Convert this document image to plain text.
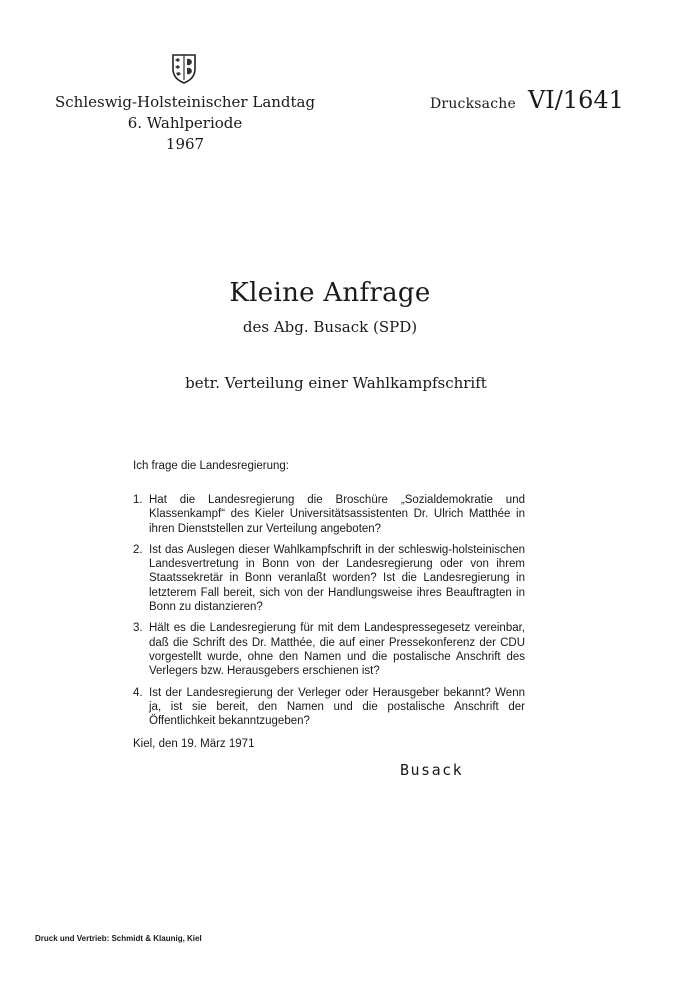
Schleswig-Holsteinischer Landtag
6. Wahlperiode
1967
Drucksache VI/1641
Kleine Anfrage
des Abg. Busack (SPD)
betr. Verteilung einer Wahlkampfschrift
Ich frage die Landesregierung:
1. Hat die Landesregierung die Broschüre „Sozialdemokratie und Klassenkampf“ des Kieler Universitätsassistenten Dr. Ulrich Matthée in ihren Dienststellen zur Verteilung angeboten?
2. Ist das Auslegen dieser Wahlkampfschrift in der schleswig-holsteinischen Landesvertretung in Bonn von der Landesregierung oder von ihrem Staatssekretär in Bonn veranlaßt worden? Ist die Landesregierung in letzterem Fall bereit, sich von der Handlungsweise ihres Beauftragten in Bonn zu distanzieren?
3. Hält es die Landesregierung für mit dem Landespressegesetz vereinbar, daß die Schrift des Dr. Matthée, die auf einer Pressekonferenz der CDU vorgestellt wurde, ohne den Namen und die postalische Anschrift des Verlegers bzw. Herausgebers erschienen ist?
4. Ist der Landesregierung der Verleger oder Herausgeber bekannt? Wenn ja, ist sie bereit, den Namen und die postalische Anschrift der Öffentlichkeit bekanntzugeben?
Kiel, den 19. März 1971
Busack
Druck und Vertrieb: Schmidt & Klaunig, Kiel
